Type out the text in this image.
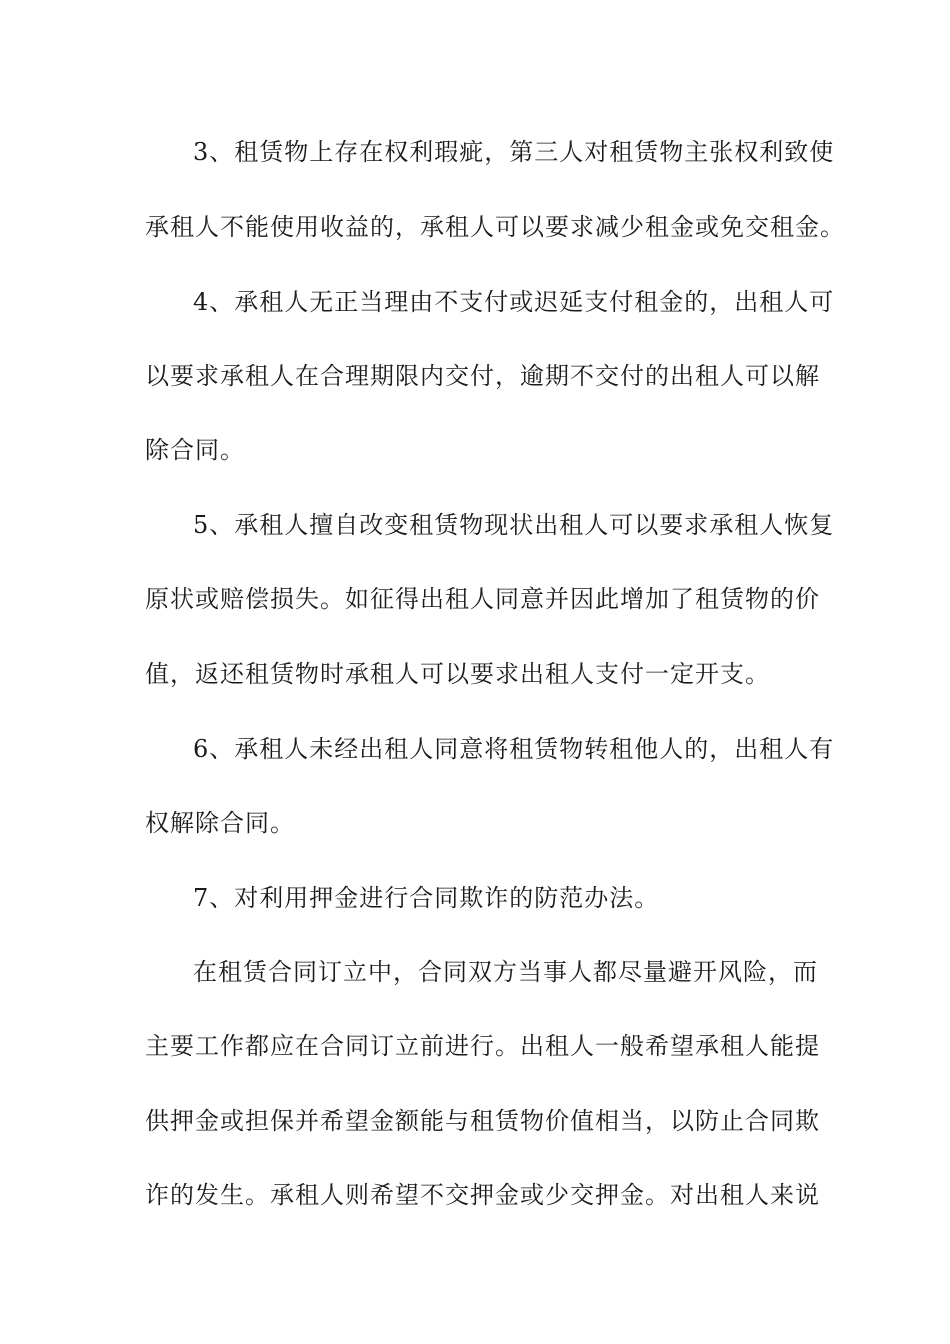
3、租赁物上存在权利瑕疵，第三人对租赁物主张权利致使
承租人不能使用收益的，承租人可以要求减少租金或免交租金。
4、承租人无正当理由不支付或迟延支付租金的，出租人可
以要求承租人在合理期限内交付，逾期不交付的出租人可以解
除合同。
5、承租人擅自改变租赁物现状出租人可以要求承租人恢复
原状或赔偿损失。如征得出租人同意并因此增加了租赁物的价
值，返还租赁物时承租人可以要求出租人支付一定开支。
6、承租人未经出租人同意将租赁物转租他人的，出租人有
权解除合同。
7、对利用押金进行合同欺诈的防范办法。
在租赁合同订立中，合同双方当事人都尽量避开风险，而
主要工作都应在合同订立前进行。出租人一般希望承租人能提
供押金或担保并希望金额能与租赁物价值相当，以防止合同欺
诈的发生。承租人则希望不交押金或少交押金。对出租人来说
